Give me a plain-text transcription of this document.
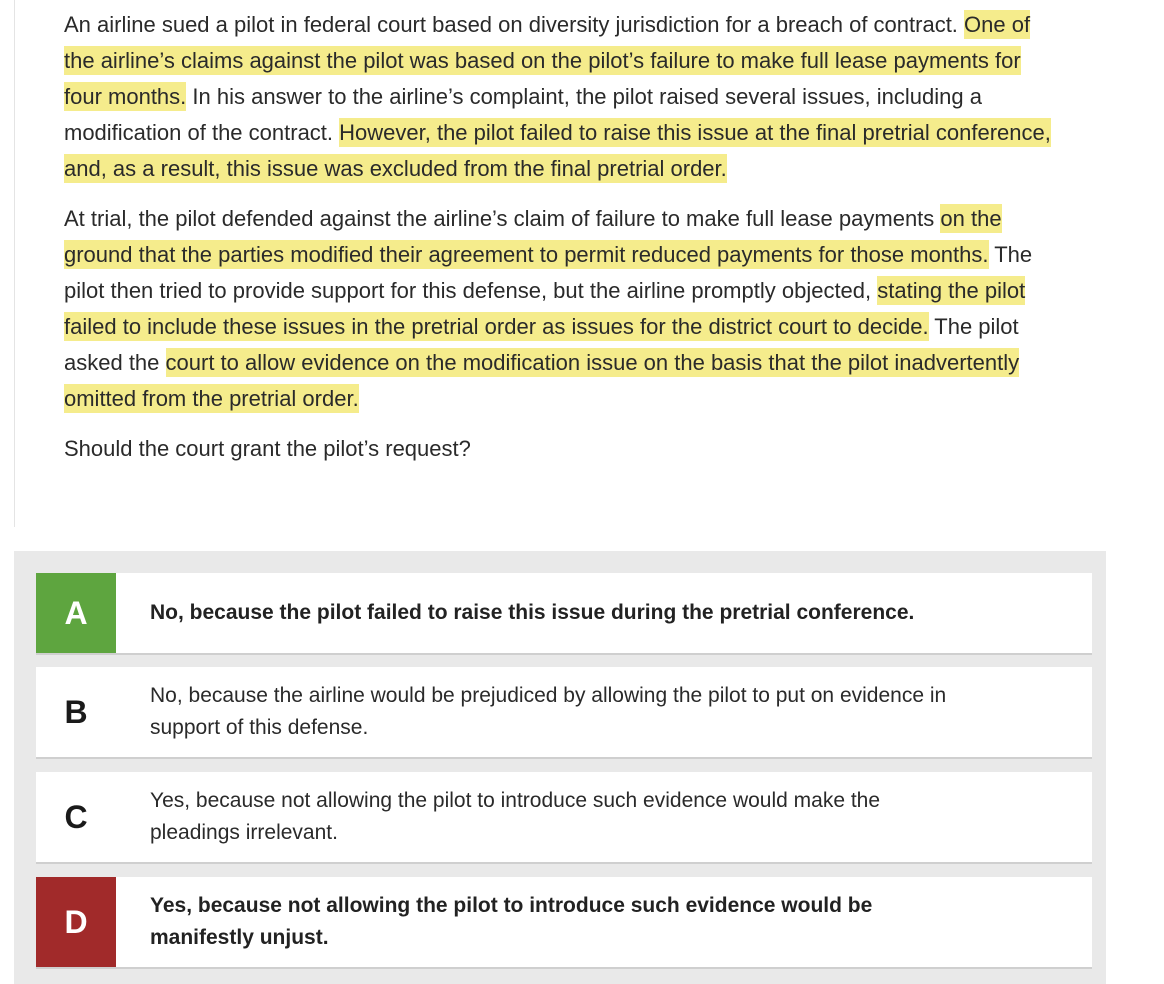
An airline sued a pilot in federal court based on diversity jurisdiction for a breach of contract. One of the airline’s claims against the pilot was based on the pilot’s failure to make full lease payments for four months. In his answer to the airline’s complaint, the pilot raised several issues, including a modification of the contract. However, the pilot failed to raise this issue at the final pretrial conference, and, as a result, this issue was excluded from the final pretrial order.

At trial, the pilot defended against the airline’s claim of failure to make full lease payments on the ground that the parties modified their agreement to permit reduced payments for those months. The pilot then tried to provide support for this defense, but the airline promptly objected, stating the pilot failed to include these issues in the pretrial order as issues for the district court to decide. The pilot asked the court to allow evidence on the modification issue on the basis that the pilot inadvertently omitted from the pretrial order.

Should the court grant the pilot’s request?

A	No, because the pilot failed to raise this issue during the pretrial conference.
B	No, because the airline would be prejudiced by allowing the pilot to put on evidence in support of this defense.
C	Yes, because not allowing the pilot to introduce such evidence would make the pleadings irrelevant.
D	Yes, because not allowing the pilot to introduce such evidence would be manifestly unjust.
